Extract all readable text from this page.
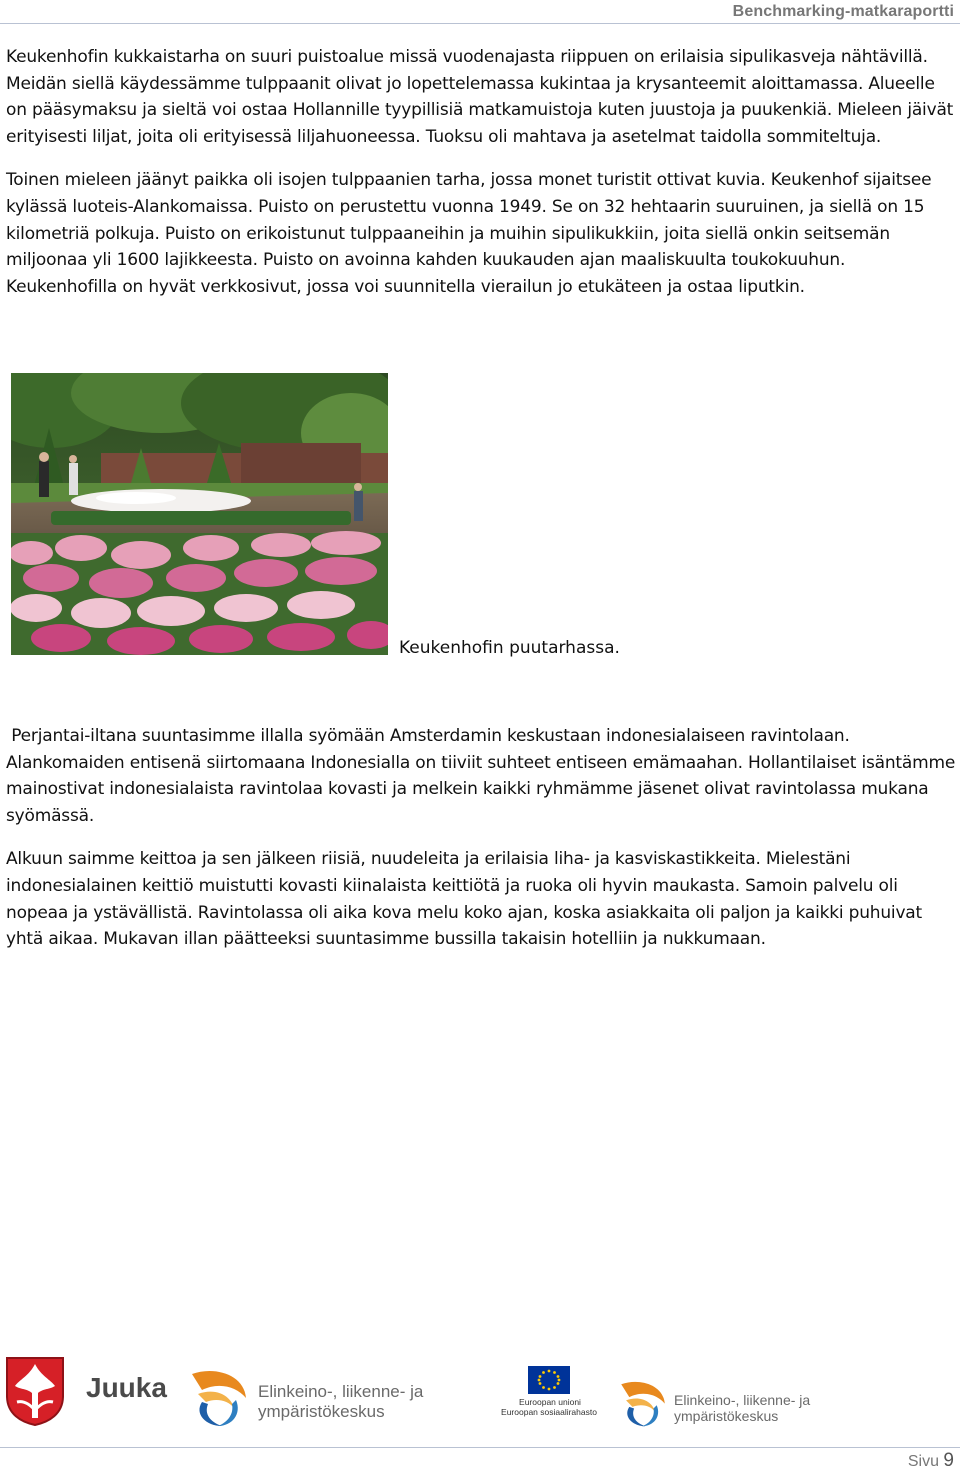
Benchmarking-matkaraportti

Keukenhofin kukkaistarha on suuri puistoalue missä vuodenajasta riippuen on erilaisia sipulikasveja nähtävillä. Meidän siellä käydessämme tulppaanit olivat jo lopettelemassa kukintaa ja krysanteemit aloittamassa. Alueelle on pääsymaksu ja sieltä voi ostaa Hollannille tyypillisiä matkamuistoja kuten juustoja ja puukenkiä. Mieleen jäivät erityisesti liljat, joita oli erityisessä liljahuoneessa. Tuoksu oli mahtava ja asetelmat taidolla sommiteltuja.

Toinen mieleen jäänyt paikka oli isojen tulppaanien tarha, jossa monet turistit ottivat kuvia. Keukenhof sijaitsee kylässä luoteis-Alankomaissa. Puisto on perustettu vuonna 1949. Se on 32 hehtaarin suuruinen, ja siellä on 15 kilometriä polkuja. Puisto on erikoistunut tulppaaneihin ja muihin sipulikukkiin, joita siellä onkin seitsemän miljoonaa yli 1600 lajikkeesta. Puisto on avoinna kahden kuukauden ajan maaliskuulta toukokuuhun. Keukenhofilla on hyvät verkkosivut, jossa voi suunnitella vierailun jo etukäteen ja ostaa liputkin.

Keukenhofin puutarhassa.

Perjantai-iltana suuntasimme illalla syömään Amsterdamin keskustaan indonesialaiseen ravintolaan. Alankomaiden entisenä siirtomaana Indonesialla on tiiviit suhteet entiseen emämaahan. Hollantilaiset isäntämme mainostivat indonesialaista ravintolaa kovasti ja melkein kaikki ryhmämme jäsenet olivat ravintolassa mukana syömässä.

Alkuun saimme keittoa ja sen jälkeen riisiä, nuudeleita ja erilaisia liha- ja kasviskastikkeita. Mielestäni indonesialainen keittiö muistutti kovasti kiinalaista keittiötä ja ruoka oli hyvin maukasta. Samoin palvelu oli nopeaa ja ystävällistä. Ravintolassa oli aika kova melu koko ajan, koska asiakkaita oli paljon ja kaikki puhuivat  yhtä aikaa. Mukavan illan päätteeksi suuntasimme bussilla takaisin hotelliin ja nukkumaan.

Juuka	Elinkeino-, liikenne- ja ympäristökeskus	Euroopan unioni
Euroopan sosiaalirahasto
Elinkeino-, liikenne- ja ympäristökeskus
Sivu 9
